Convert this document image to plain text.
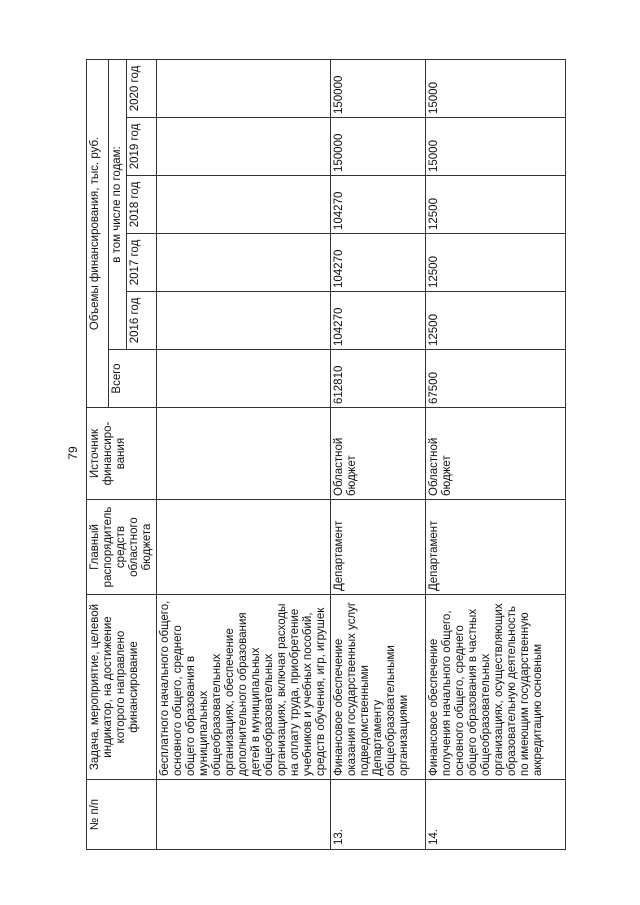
79
№ п/п	Задача, мероприятие, целевой индикатор, на достижение которого направлено финансирование	Главный распорядитель средств областного бюджета	Источник финансиро-вания	Объемы финансирования, тыс. руб.					
				Всего	в том числе по годам:				
					2016 год	2017 год	2018 год	2019 год	2020 год
	бесплатного начального общего, основного общего, среднего общего образования в муниципальных общеобразовательных организациях, обеспечение дополнительного образования детей в муниципальных общеобразовательных организациях, включая расходы на оплату труда, приобретение учебников и учебных пособий, средств обучения, игр, игрушек								
13.	Финансовое обеспечение оказания государственных услуг подведомственными Департаменту общеобразовательными организациями	Департамент	Областной бюджет	612810	104270	104270	104270	150000	150000
14.	Финансовое обеспечение получения начального общего, основного общего, среднего общего образования в частных общеобразовательных организациях, осуществляющих образовательную деятельность по имеющим государственную аккредитацию основным	Департамент	Областной бюджет	67500	12500	12500	12500	15000	15000
